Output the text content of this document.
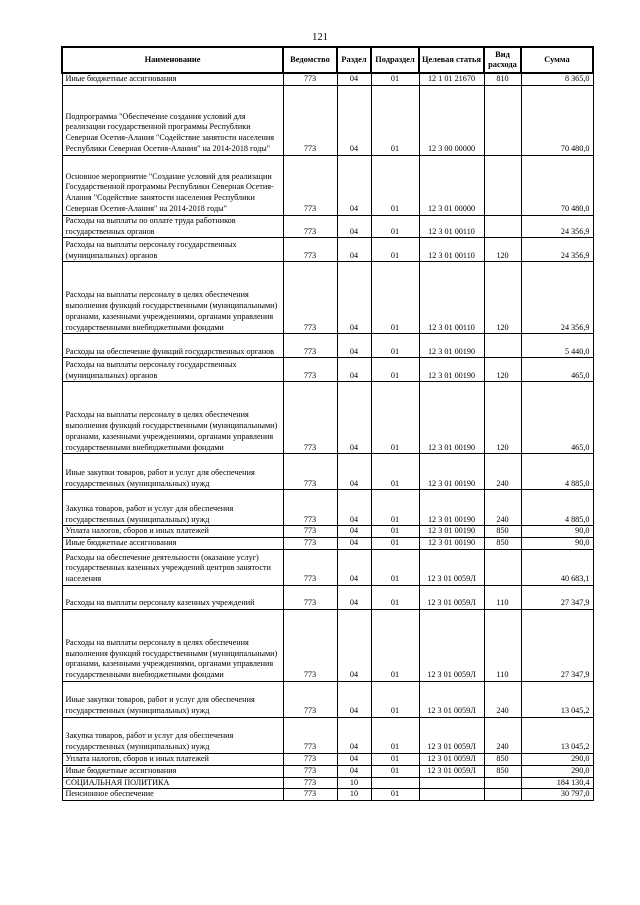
121
Наименование	Ведомство	Раздел	Подраздел	Целевая статья	Вид расхода	Сумма
Иные бюджетные ассигнования	773	04	01	12 1 01 21670	810	8 365,0
Подпрограмма "Обеспечение создания условий для реализации государственной программы Республики Северная Осетия-Алания "Содействие занятости населения Республики Северная Осетия-Алания" на 2014-2018 годы"	773	04	01	12 3 00 00000		70 480,0
Основное мероприятие "Создание условий для реализации Государственной программы Республики Северная Осетия-Алания "Содействие занятости населения Республики Северная Осетия-Алания" на 2014-2018 годы"	773	04	01	12 3 01 00000		70 480,0
Расходы на выплаты по оплате труда работников государственных органов	773	04	01	12 3 01 00110		24 356,9
Расходы на выплаты персоналу государственных (муниципальных) органов	773	04	01	12 3 01 00110	120	24 356,9
Расходы на выплаты персоналу в целях обеспечения выполнения функций государственными (муниципальными) органами, казенными учреждениями, органами управления государственными внебюджетными фондами	773	04	01	12 3 01 00110	120	24 356,9
Расходы на обеспечение функций государственных органов	773	04	01	12 3 01 00190		5 440,0
Расходы на выплаты персоналу государственных (муниципальных) органов	773	04	01	12 3 01 00190	120	465,0
Расходы на выплаты персоналу в целях обеспечения выполнения функций государственными (муниципальными) органами, казенными учреждениями, органами управления государственными внебюджетными фондами	773	04	01	12 3 01 00190	120	465,0
Иные закупки товаров, работ и услуг для обеспечения государственных (муниципальных) нужд	773	04	01	12 3 01 00190	240	4 885,0
Закупка товаров, работ и услуг для обеспечения государственных (муниципальных) нужд	773	04	01	12 3 01 00190	240	4 885,0
Уплата налогов, сборов и иных платежей	773	04	01	12 3 01 00190	850	90,0
Иные бюджетные ассигнования	773	04	01	12 3 01 00190	850	90,0
Расходы на обеспечение деятельности (оказание услуг) государственных казенных учреждений центров занятости населения	773	04	01	12 3 01 0059Л		40 683,1
Расходы на выплаты персоналу казенных учреждений	773	04	01	12 3 01 0059Л	110	27 347,9
Расходы на выплаты персоналу в целях обеспечения выполнения функций государственными (муниципальными) органами, казенными учреждениями, органами управления государственными внебюджетными фондами	773	04	01	12 3 01 0059Л	110	27 347,9
Иные закупки товаров, работ и услуг для обеспечения государственных (муниципальных) нужд	773	04	01	12 3 01 0059Л	240	13 045,2
Закупка товаров, работ и услуг для обеспечения государственных (муниципальных) нужд	773	04	01	12 3 01 0059Л	240	13 045,2
Уплата налогов, сборов и иных платежей	773	04	01	12 3 01 0059Л	850	290,0
Иные бюджетные ассигнования	773	04	01	12 3 01 0059Л	850	290,0
СОЦИАЛЬНАЯ ПОЛИТИКА	773	10				184 130,4
Пенсионное обеспечение	773	10	01			30 797,0
